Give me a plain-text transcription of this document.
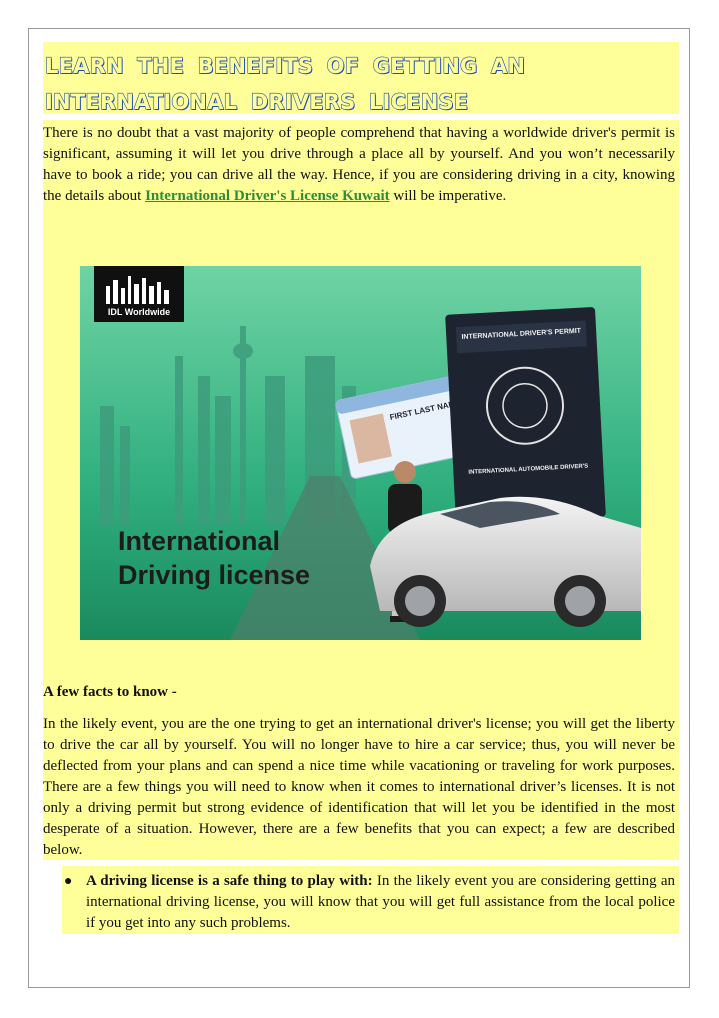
LEARN THE BENEFITS OF GETTING AN INTERNATIONAL DRIVERS LICENSE
There is no doubt that a vast majority of people comprehend that having a worldwide driver's permit is significant, assuming it will let you drive through a place all by yourself. And you won’t necessarily have to book a ride; you can drive all the way. Hence, if you are considering driving in a city, knowing the details about International Driver's License Kuwait will be imperative.
IDL Worldwide
FIRST LAST NAME
INTERNATIONAL DRIVER'S PERMIT
INTERNATIONAL AUTOMOBILE DRIVER'S
International
Driving license
A few facts to know -
In the likely event, you are the one trying to get an international driver's license; you will get the liberty to drive the car all by yourself. You will no longer have to hire a car service; thus, you will never be deflected from your plans and can spend a nice time while vacationing or traveling for work purposes. There are a few things you will need to know when it comes to international driver’s licenses. It is not only a driving permit but strong evidence of identification that will let you be identified in the most desperate of a situation. However, there are a few benefits that you can expect; a few are described below.
● A driving license is a safe thing to play with: In the likely event you are considering getting an international driving license, you will know that you will get full assistance from the local police if you get into any such problems.
